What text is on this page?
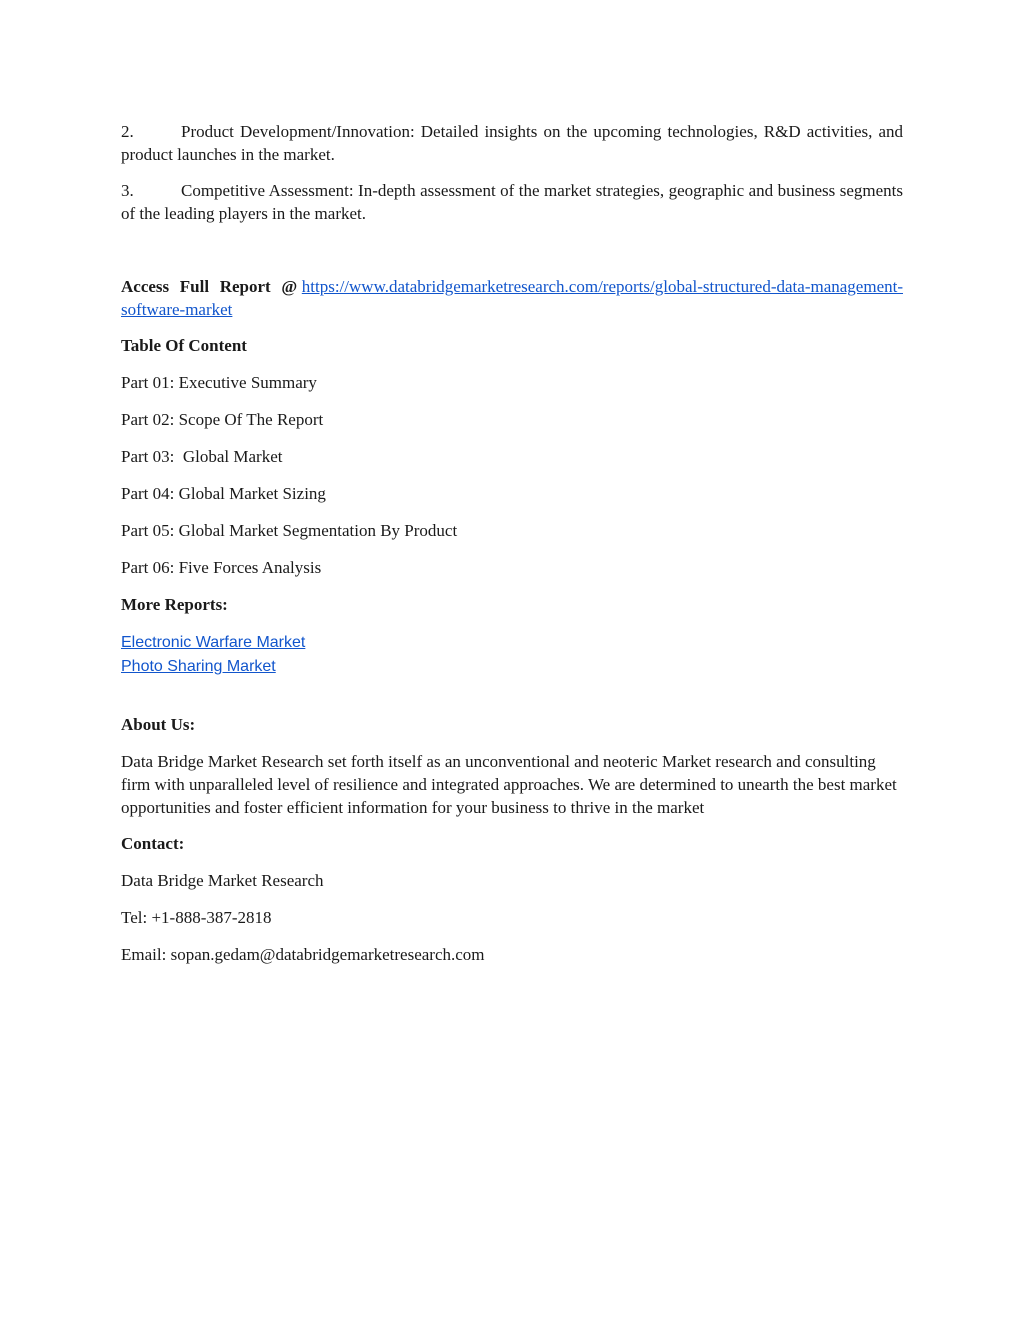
2.	Product Development/Innovation: Detailed insights on the upcoming technologies, R&D activities, and product launches in the market.

3.	Competitive Assessment: In-depth assessment of the market strategies, geographic and business segments of the leading players in the market.

Access Full Report @ https://www.databridgemarketresearch.com/reports/global-structured-data-management-software-market

Table Of Content

Part 01: Executive Summary

Part 02: Scope Of The Report

Part 03:  Global Market

Part 04: Global Market Sizing

Part 05: Global Market Segmentation By Product

Part 06: Five Forces Analysis

More Reports:

Electronic Warfare Market
Photo Sharing Market

About Us:

Data Bridge Market Research set forth itself as an unconventional and neoteric Market research and consulting firm with unparalleled level of resilience and integrated approaches. We are determined to unearth the best market opportunities and foster efficient information for your business to thrive in the market

Contact:

Data Bridge Market Research

Tel: +1-888-387-2818

Email: sopan.gedam@databridgemarketresearch.com
